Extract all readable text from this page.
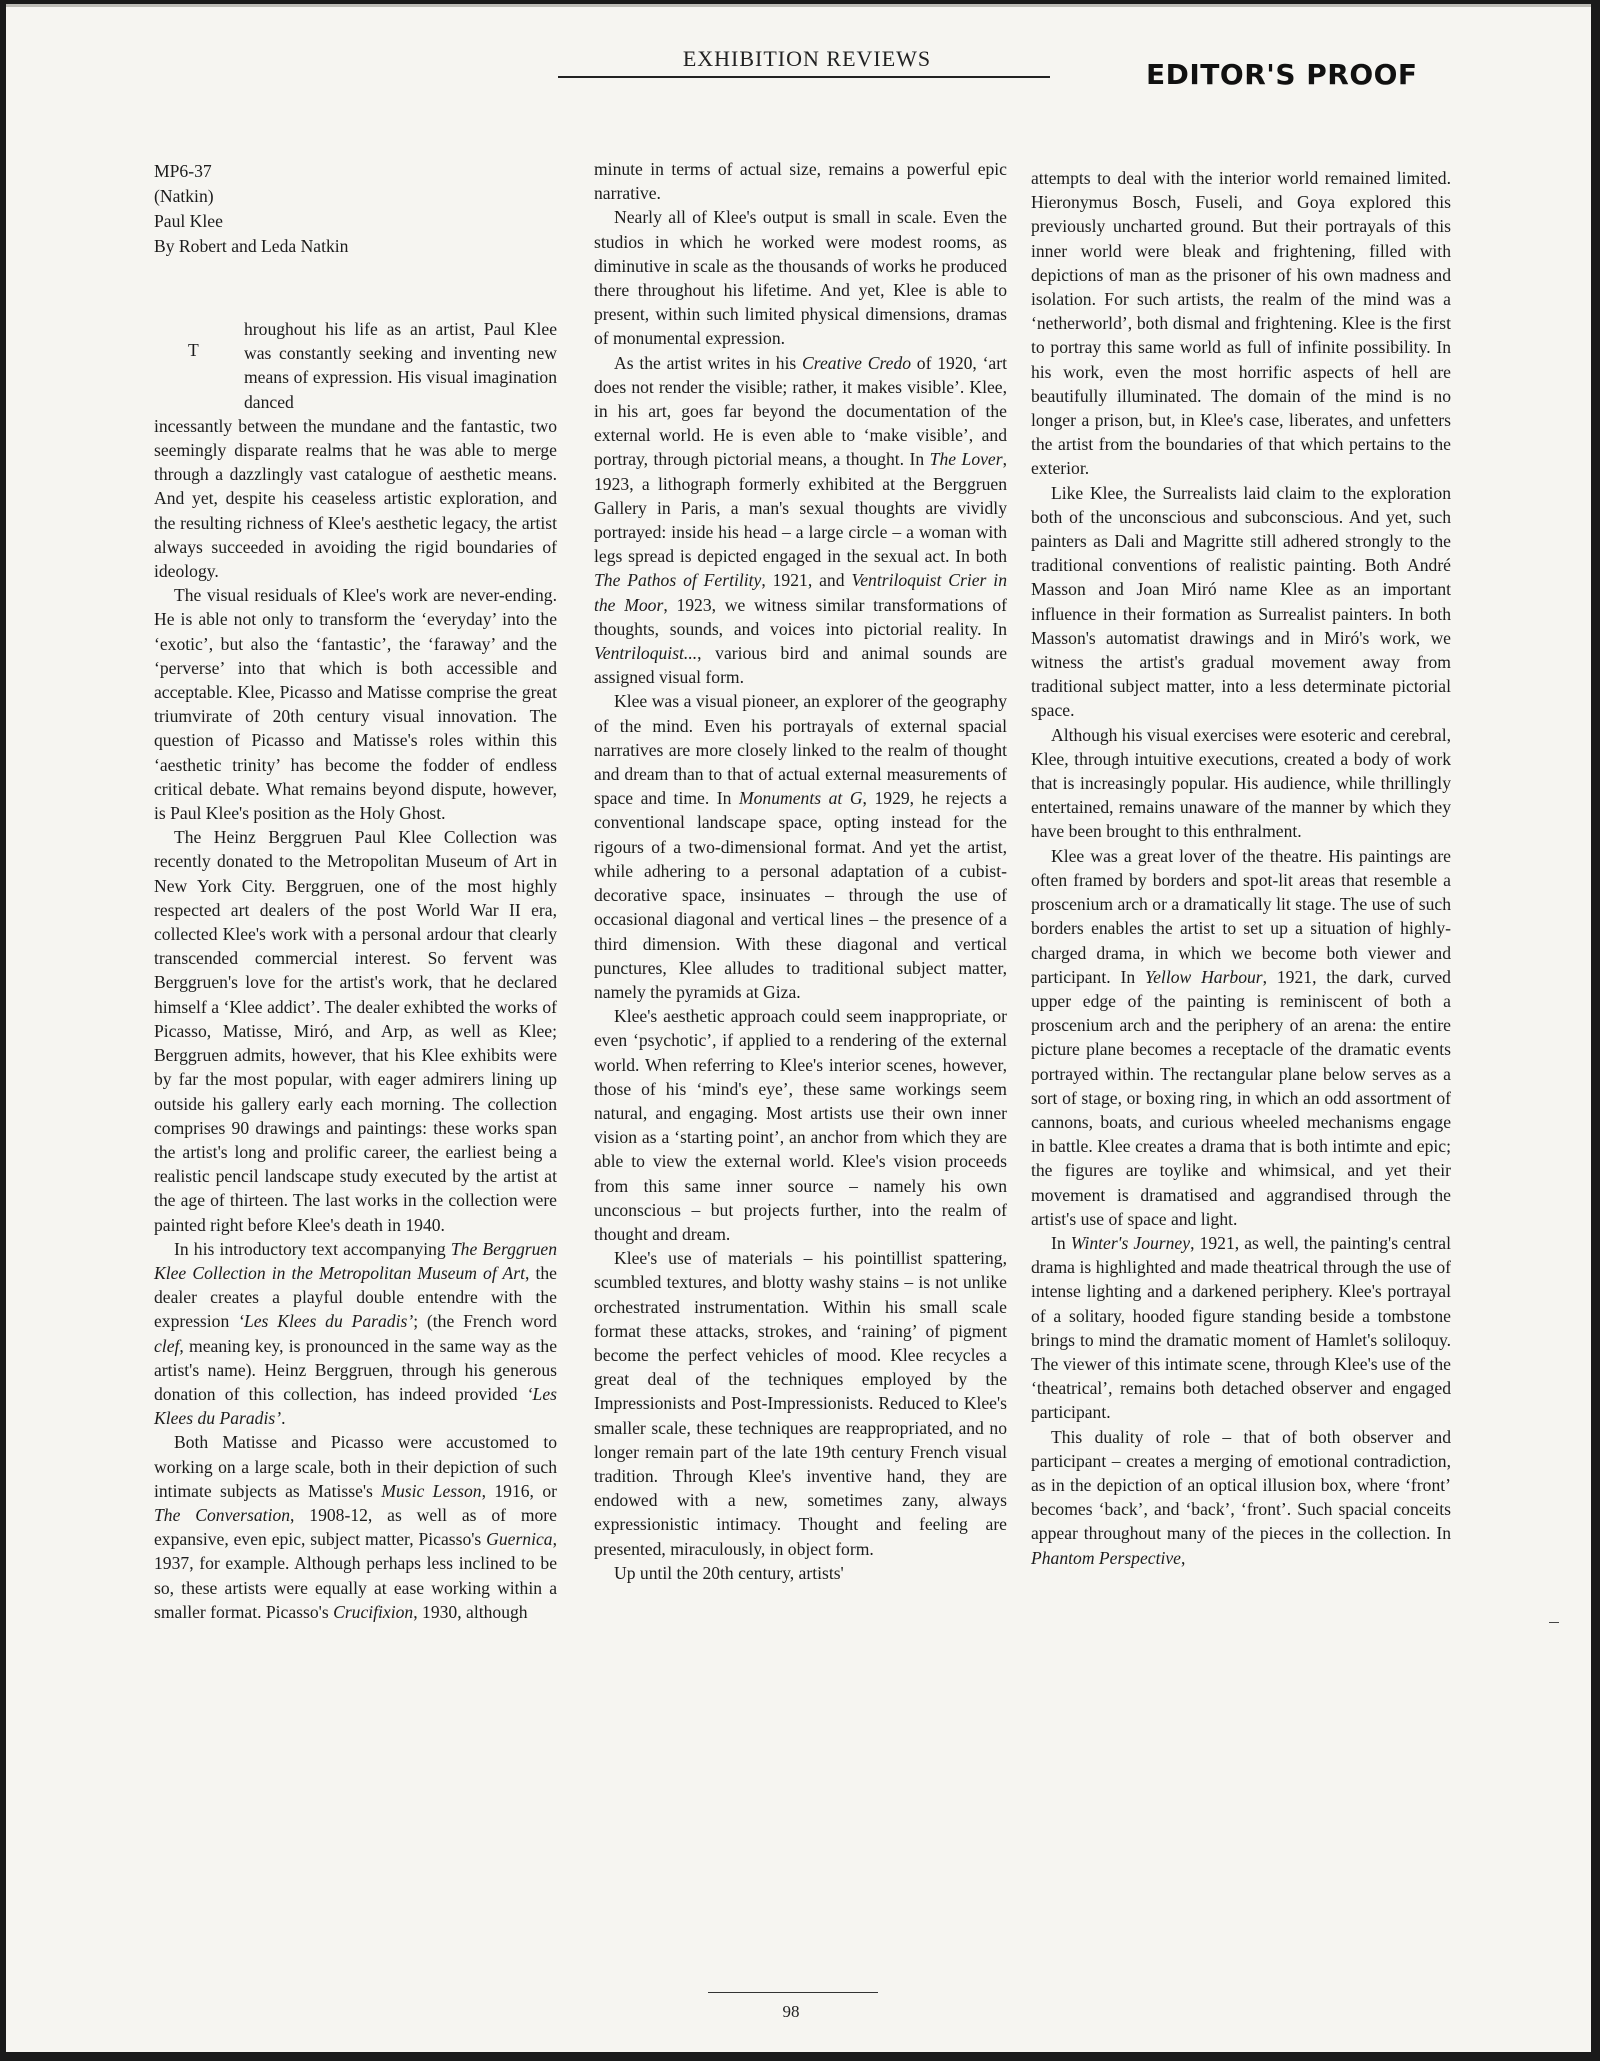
EXHIBITION REVIEWS	EDITOR'S PROOF
MP6-37
(Natkin)
Paul Klee
By Robert and Leda Natkin

T
hroughout his life as an artist, Paul Klee was constantly seeking and inventing new means of expression. His visual imagination danced

incessantly between the mundane and the fantastic, two seemingly disparate realms that he was able to merge through a dazzlingly vast catalogue of aesthetic means. And yet, despite his ceaseless artistic exploration, and the resulting richness of Klee's aesthetic legacy, the artist always succeeded in avoiding the rigid boundaries of ideology.

The visual residuals of Klee's work are never-ending. He is able not only to transform the ‘everyday’ into the ‘exotic’, but also the ‘fantastic’, the ‘faraway’ and the ‘perverse’ into that which is both accessible and acceptable. Klee, Picasso and Matisse comprise the great triumvirate of 20th century visual innovation. The question of Picasso and Matisse's roles within this ‘aesthetic trinity’ has become the fodder of endless critical debate. What remains beyond dispute, however, is Paul Klee's position as the Holy Ghost.

The Heinz Berggruen Paul Klee Collection was recently donated to the Metropolitan Museum of Art in New York City. Berggruen, one of the most highly respected art dealers of the post World War II era, collected Klee's work with a personal ardour that clearly transcended commercial interest. So fervent was Berggruen's love for the artist's work, that he declared himself a ‘Klee addict’. The dealer exhibted the works of Picasso, Matisse, Miró, and Arp, as well as Klee; Berggruen admits, however, that his Klee exhibits were by far the most popular, with eager admirers lining up outside his gallery early each morning. The collection comprises 90 drawings and paintings: these works span the artist's long and prolific career, the earliest being a realistic pencil landscape study executed by the artist at the age of thirteen. The last works in the collection were painted right before Klee's death in 1940.

In his introductory text accompanying The Berggruen Klee Collection in the Metropolitan Museum of Art, the dealer creates a playful double entendre with the expression ‘Les Klees du Paradis’; (the French word clef, meaning key, is pronounced in the same way as the artist's name). Heinz Berggruen, through his generous donation of this collection, has indeed provided ‘Les Klees du Paradis’.

Both Matisse and Picasso were accustomed to working on a large scale, both in their depiction of such intimate subjects as Matisse's Music Lesson, 1916, or The Conversation, 1908-12, as well as of more expansive, even epic, subject matter, Picasso's Guernica, 1937, for example. Although perhaps less inclined to be so, these artists were equally at ease working within a smaller format. Picasso's Crucifixion, 1930, although

minute in terms of actual size, remains a powerful epic narrative.

Nearly all of Klee's output is small in scale. Even the studios in which he worked were modest rooms, as diminutive in scale as the thousands of works he produced there throughout his lifetime. And yet, Klee is able to present, within such limited physical dimensions, dramas of monumental expression.

As the artist writes in his Creative Credo of 1920, ‘art does not render the visible; rather, it makes visible’. Klee, in his art, goes far beyond the documentation of the external world. He is even able to ‘make visible’, and portray, through pictorial means, a thought. In The Lover, 1923, a lithograph formerly exhibited at the Berggruen Gallery in Paris, a man's sexual thoughts are vividly portrayed: inside his head – a large circle – a woman with legs spread is depicted engaged in the sexual act. In both The Pathos of Fertility, 1921, and Ventriloquist Crier in the Moor, 1923, we witness similar transformations of thoughts, sounds, and voices into pictorial reality. In Ventriloquist..., various bird and animal sounds are assigned visual form.

Klee was a visual pioneer, an explorer of the geography of the mind. Even his portrayals of external spacial narratives are more closely linked to the realm of thought and dream than to that of actual external measurements of space and time. In Monuments at G, 1929, he rejects a conventional landscape space, opting instead for the rigours of a two-dimensional format. And yet the artist, while adhering to a personal adaptation of a cubist-decorative space, insinuates – through the use of occasional diagonal and vertical lines – the presence of a third dimension. With these diagonal and vertical punctures, Klee alludes to traditional subject matter, namely the pyramids at Giza.

Klee's aesthetic approach could seem inappropriate, or even ‘psychotic’, if applied to a rendering of the external world. When referring to Klee's interior scenes, however, those of his ‘mind's eye’, these same workings seem natural, and engaging. Most artists use their own inner vision as a ‘starting point’, an anchor from which they are able to view the external world. Klee's vision proceeds from this same inner source – namely his own unconscious – but projects further, into the realm of thought and dream.

Klee's use of materials – his pointillist spattering, scumbled textures, and blotty washy stains – is not unlike orchestrated instrumentation. Within his small scale format these attacks, strokes, and ‘raining’ of pigment become the perfect vehicles of mood. Klee recycles a great deal of the techniques employed by the Impressionists and Post-Impressionists. Reduced to Klee's smaller scale, these techniques are reappropriated, and no longer remain part of the late 19th century French visual tradition. Through Klee's inventive hand, they are endowed with a new, sometimes zany, always expressionistic intimacy. Thought and feeling are presented, miraculously, in object form.

Up until the 20th century, artists'

attempts to deal with the interior world remained limited. Hieronymus Bosch, Fuseli, and Goya explored this previously uncharted ground. But their portrayals of this inner world were bleak and frightening, filled with depictions of man as the prisoner of his own madness and isolation. For such artists, the realm of the mind was a ‘netherworld’, both dismal and frightening. Klee is the first to portray this same world as full of infinite possibility. In his work, even the most horrific aspects of hell are beautifully illuminated. The domain of the mind is no longer a prison, but, in Klee's case, liberates, and unfetters the artist from the boundaries of that which pertains to the exterior.

Like Klee, the Surrealists laid claim to the exploration both of the unconscious and subconscious. And yet, such painters as Dali and Magritte still adhered strongly to the traditional conventions of realistic painting. Both André Masson and Joan Miró name Klee as an important influence in their formation as Surrealist painters. In both Masson's automatist drawings and in Miró's work, we witness the artist's gradual movement away from traditional subject matter, into a less determinate pictorial space.

Although his visual exercises were esoteric and cerebral, Klee, through intuitive executions, created a body of work that is increasingly popular. His audience, while thrillingly entertained, remains unaware of the manner by which they have been brought to this enthralment.

Klee was a great lover of the theatre. His paintings are often framed by borders and spot-lit areas that resemble a proscenium arch or a dramatically lit stage. The use of such borders enables the artist to set up a situation of highly-charged drama, in which we become both viewer and participant. In Yellow Harbour, 1921, the dark, curved upper edge of the painting is reminiscent of both a proscenium arch and the periphery of an arena: the entire picture plane becomes a receptacle of the dramatic events portrayed within. The rectangular plane below serves as a sort of stage, or boxing ring, in which an odd assortment of cannons, boats, and curious wheeled mechanisms engage in battle. Klee creates a drama that is both intimte and epic; the figures are toylike and whimsical, and yet their movement is dramatised and aggrandised through the artist's use of space and light.

In Winter's Journey, 1921, as well, the painting's central drama is highlighted and made theatrical through the use of intense lighting and a darkened periphery. Klee's portrayal of a solitary, hooded figure standing beside a tombstone brings to mind the dramatic moment of Hamlet's soliloquy. The viewer of this intimate scene, through Klee's use of the ‘theatrical’, remains both detached observer and engaged participant.

This duality of role – that of both observer and participant – creates a merging of emotional contradiction, as in the depiction of an optical illusion box, where ‘front’ becomes ‘back’, and ‘back’, ‘front’. Such spacial conceits appear throughout many of the pieces in the collection. In Phantom Perspective,

98
